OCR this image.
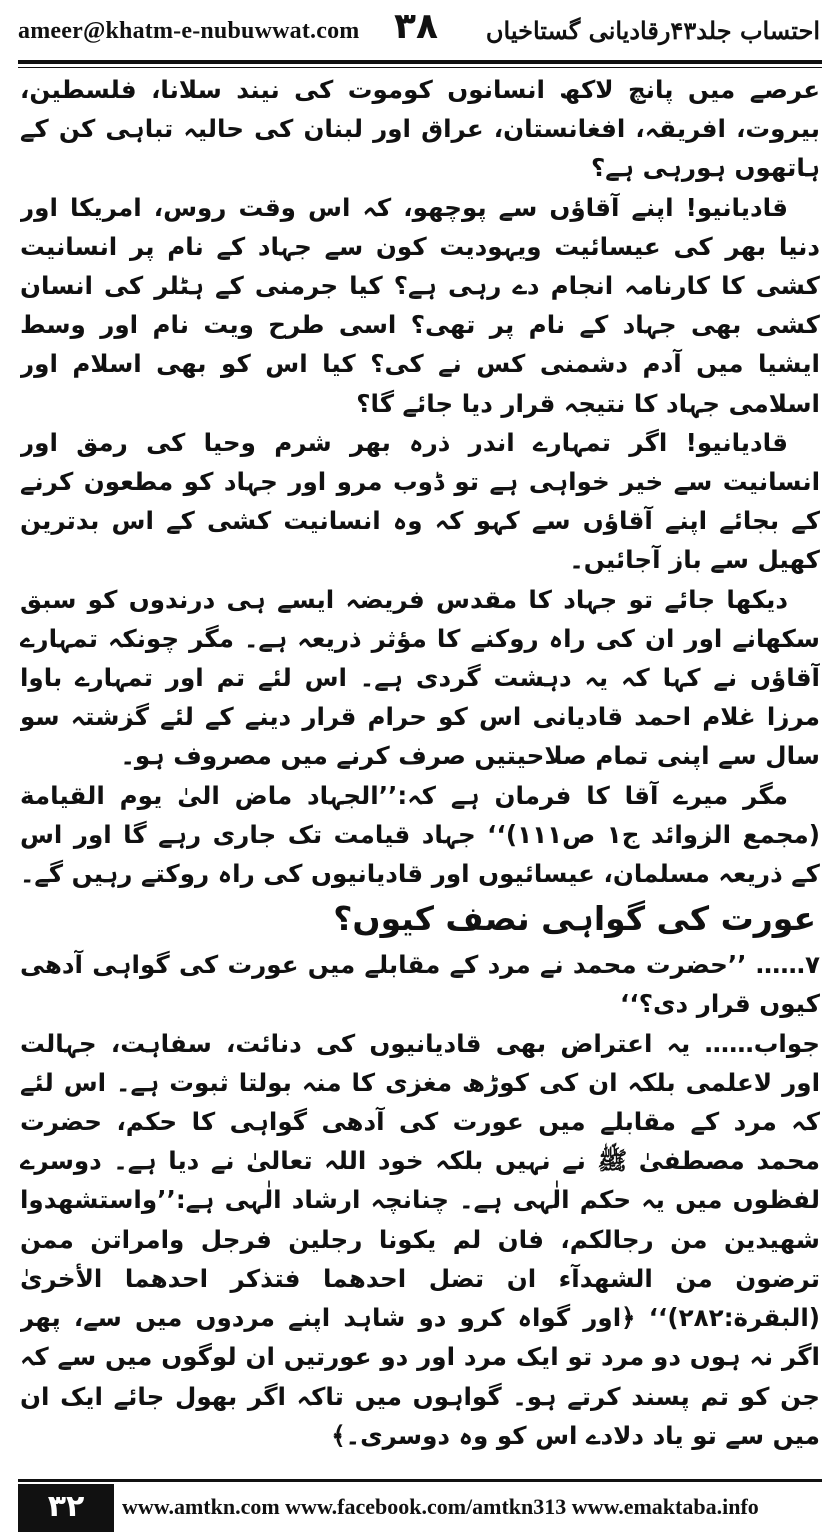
ameer@khatm-e-nubuwwat.com ۳۸ احتساب جلد۴۳رقادیانی گستاخیاں

عرصے میں پانچ لاکھ انسانوں کوموت کی نیند سلانا، فلسطین، بیروت، افریقہ، افغانستان، عراق اور لبنان کی حالیہ تباہی کن کے ہاتھوں ہورہی ہے؟

قادیانیو! اپنے آقاؤں سے پوچھو، کہ اس وقت روس، امریکا اور دنیا بھر کی عیسائیت ویہودیت کون سے جہاد کے نام پر انسانیت کشی کا کارنامہ انجام دے رہی ہے؟ کیا جرمنی کے ہٹلر کی انسان کشی بھی جہاد کے نام پر تھی؟ اسی طرح ویت نام اور وسط ایشیا میں آدم دشمنی کس نے کی؟ کیا اس کو بھی اسلام اور اسلامی جہاد کا نتیجہ قرار دیا جائے گا؟

قادیانیو! اگر تمہارے اندر ذرہ بھر شرم وحیا کی رمق اور انسانیت سے خیر خواہی ہے تو ڈوب مرو اور جہاد کو مطعون کرنے کے بجائے اپنے آقاؤں سے کہو کہ وہ انسانیت کشی کے اس بدترین کھیل سے باز آجائیں۔

دیکھا جائے تو جہاد کا مقدس فریضہ ایسے ہی درندوں کو سبق سکھانے اور ان کی راہ روکنے کا مؤثر ذریعہ ہے۔ مگر چونکہ تمہارے آقاؤں نے کہا کہ یہ دہشت گردی ہے۔ اس لئے تم اور تمہارے باوا مرزا غلام احمد قادیانی اس کو حرام قرار دینے کے لئے گزشتہ سو سال سے اپنی تمام صلاحیتیں صرف کرنے میں مصروف ہو۔

مگر میرے آقا کا فرمان ہے کہ:’’الجہاد ماض الیٰ یوم القیامة (مجمع الزوائد ج۱ ص۱۱۱)‘‘ جہاد قیامت تک جاری رہے گا اور اس کے ذریعہ مسلمان، عیسائیوں اور قادیانیوں کی راہ روکتے رہیں گے۔

عورت کی گواہی نصف کیوں؟

۷…… ’’حضرت محمد نے مرد کے مقابلے میں عورت کی گواہی آدھی کیوں قرار دی؟‘‘

جواب…… یہ اعتراض بھی قادیانیوں کی دنائت، سفاہت، جہالت اور لاعلمی بلکہ ان کی کوڑھ مغزی کا منہ بولتا ثبوت ہے۔ اس لئے کہ مرد کے مقابلے میں عورت کی آدھی گواہی کا حکم، حضرت محمد مصطفیٰ ﷺ نے نہیں بلکہ خود اللہ تعالیٰ نے دیا ہے۔ دوسرے لفظوں میں یہ حکم الٰہی ہے۔ چنانچہ ارشاد الٰہی ہے:’’واستشهدوا شهيدين من رجالكم، فان لم يكونا رجلين فرجل وامراتن ممن ترضون من الشهدآء ان تضل احدهما فتذكر احدهما الأخرىٰ (البقرة:۲۸۲)‘‘ ﴿اور گواہ کرو دو شاہد اپنے مردوں میں سے، پھر اگر نہ ہوں دو مرد تو ایک مرد اور دو عورتیں ان لوگوں میں سے کہ جن کو تم پسند کرتے ہو۔ گواہوں میں تاکہ اگر بھول جائے ایک ان میں سے تو یاد دلادے اس کو وہ دوسری۔﴾

۳۲	www.amtkn.com www.facebook.com/amtkn313 www.emaktaba.info
